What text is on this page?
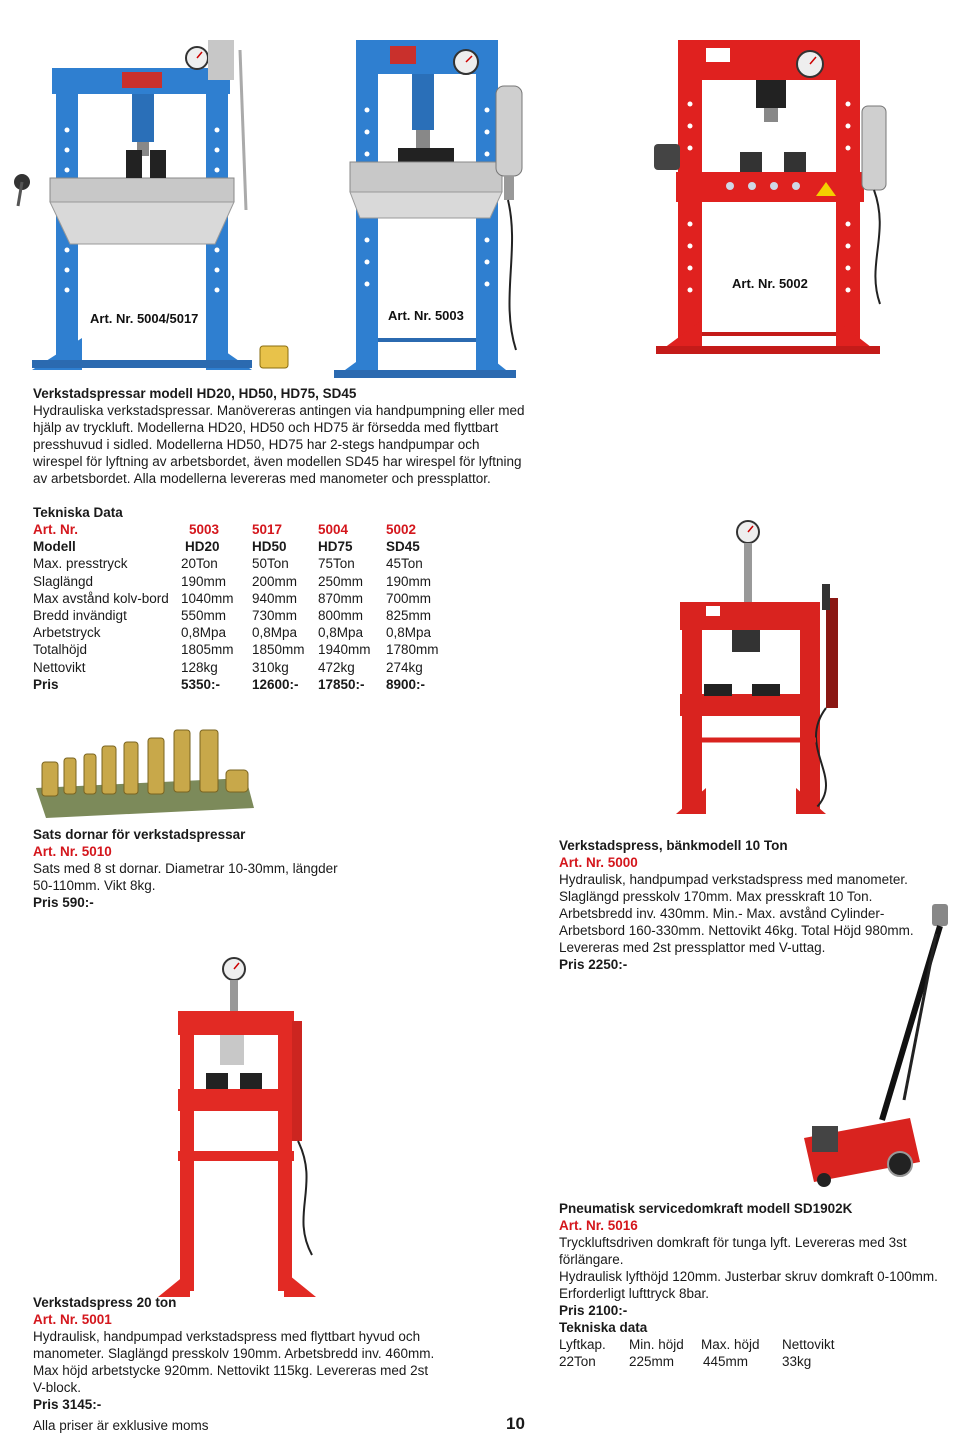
Art. Nr. 5004/5017	Art. Nr. 5003
Art. Nr. 5002
Verkstadspressar modell HD20, HD50, HD75, SD45
Hydrauliska verkstadspressar. Manövereras antingen via handpumpning eller med
hjälp av tryckluft. Modellerna HD20, HD50 och HD75 är försedda med flyttbart
presshuvud i sidled. Modellerna HD50, HD75 har 2-stegs handpumpar och
wirespel för lyftning av arbetsbordet, även modellen SD45 har wirespel för lyftning
av arbetsbordet. Alla modellerna levereras med manometer och pressplattor.
Tekniska Data
Art. Nr.	5003	5017	5004	5002
Modell	HD20	HD50	HD75	SD45
Max. presstryck	20Ton	50Ton	75Ton	45Ton
Slaglängd	190mm	200mm	250mm	190mm
Max avstånd kolv-bord	1040mm	940mm	870mm	700mm
Bredd invändigt	550mm	730mm	800mm	825mm
Arbetstryck	0,8Mpa	0,8Mpa	0,8Mpa	0,8Mpa
Totalhöjd	1805mm	1850mm	1940mm	1780mm
Nettovikt	128kg	310kg	472kg	274kg
Pris	5350:-	12600:-	17850:-	8900:-
Sats dornar för verkstadspressar
Art. Nr. 5010
Sats med 8 st dornar. Diametrar 10-30mm, längder
50-110mm. Vikt 8kg.
Pris 590:-
Verkstadspress, bänkmodell 10 Ton
Art. Nr. 5000
Hydraulisk, handpumpad verkstadspress med manometer.
Slaglängd presskolv 170mm. Max presskraft 10 Ton.
Arbetsbredd inv. 430mm. Min.- Max. avstånd Cylinder-
Arbetsbord 160-330mm. Nettovikt 46kg. Total Höjd 980mm.
Levereras med 2st pressplattor med V-uttag.
Pris 2250:-
Verkstadspress 20 ton
Art. Nr. 5001
Hydraulisk, handpumpad verkstadspress med flyttbart hyvud och
manometer. Slaglängd presskolv 190mm. Arbetsbredd inv. 460mm.
Max höjd arbetstycke 920mm. Nettovikt 115kg. Levereras med 2st
V-block.
Pris 3145:-
Pneumatisk servicedomkraft modell SD1902K
Art. Nr. 5016
Tryckluftsdriven domkraft för tunga lyft. Levereras med 3st förlängare.
Hydraulisk lyfthöjd 120mm. Justerbar skruv domkraft 0-100mm.
Erforderligt lufttryck 8bar.
Pris 2100:-
Tekniska data
Lyftkap.	Min. höjd	Max. höjd	Nettovikt
22Ton	225mm	445mm	33kg
Alla priser är exklusive moms	10
